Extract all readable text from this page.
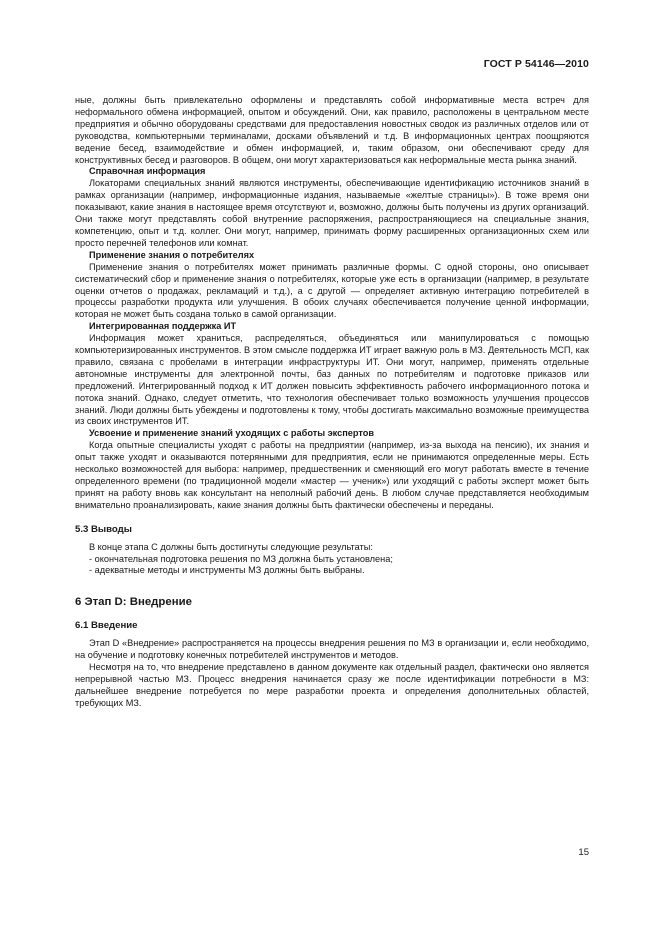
ГОСТ Р 54146—2010

ные, должны быть привлекательно оформлены и представлять собой информативные места встреч для неформального обмена информацией, опытом и обсуждений. Они, как правило, расположены в центральном месте предприятия и обычно оборудованы средствами для предоставления новостных сводок из различных отделов или от руководства, компьютерными терминалами, досками объявлений и т.д. В информационных центрах поощряются ведение бесед, взаимодействие и обмен информацией, и, таким образом, они обеспечивают среду для конструктивных бесед и разговоров. В общем, они могут характеризоваться как неформальные места рынка знаний.

Справочная информация

Локаторами специальных знаний являются инструменты, обеспечивающие идентификацию источников знаний в рамках организации (например, информационные издания, называемые «желтые страницы»). В тоже время они показывают, какие знания в настоящее время отсутствуют и, возможно, должны быть получены из других организаций. Они также могут представлять собой внутренние распоряжения, распространяющиеся на специальные знания, компетенцию, опыт и т.д. коллег. Они могут, например, принимать форму расширенных организационных схем или просто перечней телефонов или комнат.

Применение знания о потребителях

Применение знания о потребителях может принимать различные формы. С одной стороны, оно описывает систематический сбор и применение знания о потребителях, которые уже есть в организации (например, в результате оценки отчетов о продажах, рекламаций и т.д.), а с другой — определяет активную интеграцию потребителей в процессы разработки продукта или улучшения. В обоих случаях обеспечивается получение ценной информации, которая не может быть создана только в самой организации.

Интегрированная поддержка ИТ

Информация может храниться, распределяться, объединяться или манипулироваться с помощью компьютеризированных инструментов. В этом смысле поддержка ИТ играет важную роль в МЗ. Деятельность МСП, как правило, связана с пробелами в интеграции инфраструктуры ИТ. Они могут, например, применять отдельные автономные инструменты для электронной почты, баз данных по потребителям и подготовке приказов или предложений. Интегрированный подход к ИТ должен повысить эффективность рабочего информационного потока и потока знаний. Однако, следует отметить, что технология обеспечивает только возможность улучшения процессов знаний. Люди должны быть убеждены и подготовлены к тому, чтобы достигать максимально возможные преимущества из своих инструментов ИТ.

Усвоение и применение знаний уходящих с работы экспертов

Когда опытные специалисты уходят с работы на предприятии (например, из-за выхода на пенсию), их знания и опыт также уходят и оказываются потерянными для предприятия, если не принимаются определенные меры. Есть несколько возможностей для выбора: например, предшественник и сменяющий его могут работать вместе в течение определенного времени (по традиционной модели «мастер — ученик») или уходящий с работы эксперт может быть принят на работу вновь как консультант на неполный рабочий день. В любом случае представляется необходимым внимательно проанализировать, какие знания должны быть фактически обеспечены и переданы.

5.3 Выводы

В конце этапа С должны быть достигнуты следующие результаты:

- окончательная подготовка решения по МЗ должна быть установлена;

- адекватные методы и инструменты МЗ должны быть выбраны.

6 Этап D: Внедрение
6.1 Введение

Этап D «Внедрение» распространяется на процессы внедрения решения по МЗ в организации и, если необходимо, на обучение и подготовку конечных потребителей инструментов и методов.

Несмотря на то, что внедрение представлено в данном документе как отдельный раздел, фактически оно является непрерывной частью МЗ. Процесс внедрения начинается сразу же после идентификации потребности в МЗ: дальнейшее внедрение потребуется по мере разработки проекта и определения дополнительных областей, требующих МЗ.

15
